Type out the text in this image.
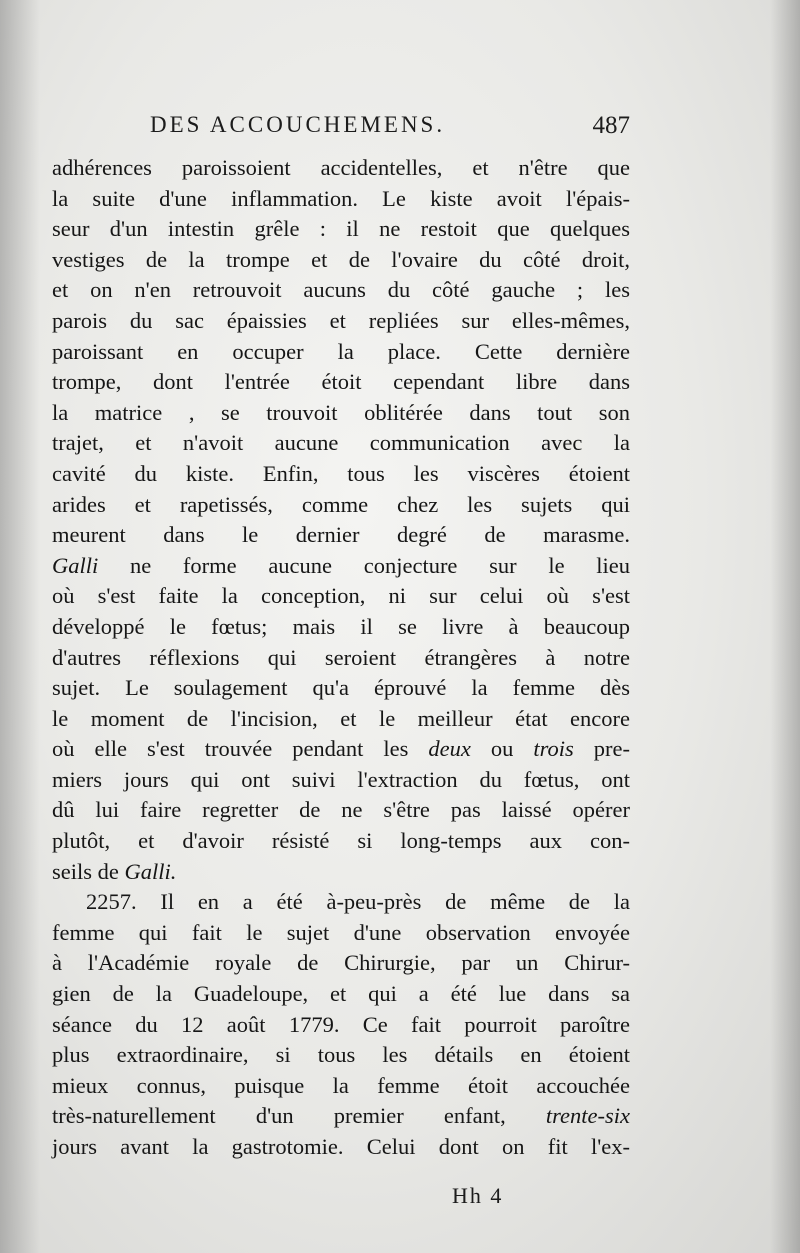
DES ACCOUCHEMENS.	487
adhérences paroissoient accidentelles, et n'être que
la suite d'une inflammation. Le kiste avoit l'épais-
seur d'un intestin grêle : il ne restoit que quelques
vestiges de la trompe et de l'ovaire du côté droit,
et on n'en retrouvoit aucuns du côté gauche ; les
parois du sac épaissies et repliées sur elles-mêmes,
paroissant en occuper la place. Cette dernière
trompe, dont l'entrée étoit cependant libre dans
la matrice , se trouvoit oblitérée dans tout son
trajet, et n'avoit aucune communication avec la
cavité du kiste. Enfin, tous les viscères étoient
arides et rapetissés, comme chez les sujets qui
meurent dans le dernier degré de marasme.
Galli ne forme aucune conjecture sur le lieu
où s'est faite la conception, ni sur celui où s'est
développé le fœtus; mais il se livre à beaucoup
d'autres réflexions qui seroient étrangères à notre
sujet. Le soulagement qu'a éprouvé la femme dès
le moment de l'incision, et le meilleur état encore
où elle s'est trouvée pendant les deux ou trois pre-
miers jours qui ont suivi l'extraction du fœtus, ont
dû lui faire regretter de ne s'être pas laissé opérer
plutôt, et d'avoir résisté si long-temps aux con-
seils de Galli.
2257. Il en a été à-peu-près de même de la
femme qui fait le sujet d'une observation envoyée
à l'Académie royale de Chirurgie, par un Chirur-
gien de la Guadeloupe, et qui a été lue dans sa
séance du 12 août 1779. Ce fait pourroit paroître
plus extraordinaire, si tous les détails en étoient
mieux connus, puisque la femme étoit accouchée
très-naturellement d'un premier enfant, trente-six
jours avant la gastrotomie. Celui dont on fit l'ex-
Hh 4
